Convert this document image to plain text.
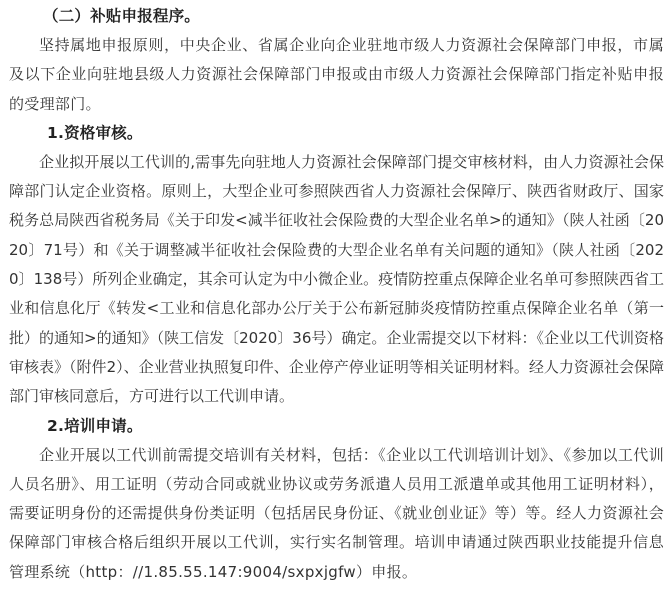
（二）补贴申报程序。

坚持属地申报原则，中央企业、省属企业向企业驻地市级人力资源社会保障部门申报，市属及以下企业向驻地县级人力资源社会保障部门申报或由市级人力资源社会保障部门指定补贴申报的受理部门。

1.资格审核。

企业拟开展以工代训的,需事先向驻地人力资源社会保障部门提交审核材料，由人力资源社会保障部门认定企业资格。原则上，大型企业可参照陕西省人力资源社会保障厅、陕西省财政厅、国家税务总局陕西省税务局《关于印发<减半征收社会保险费的大型企业名单>的通知》（陕人社函〔2020〕71号）和《关于调整减半征收社会保险费的大型企业名单有关问题的通知》（陕人社函〔2020〕138号）所列企业确定，其余可认定为中小微企业。疫情防控重点保障企业名单可参照陕西省工业和信息化厅《转发<工业和信息化部办公厅关于公布新冠肺炎疫情防控重点保障企业名单（第一批）的通知>的通知》（陕工信发〔2020〕36号）确定。企业需提交以下材料：《企业以工代训资格审核表》（附件2）、企业营业执照复印件、企业停产停业证明等相关证明材料。经人力资源社会保障部门审核同意后，方可进行以工代训申请。

2.培训申请。

企业开展以工代训前需提交培训有关材料，包括：《企业以工代训培训计划》、《参加以工代训人员名册》、用工证明（劳动合同或就业协议或劳务派遣人员用工派遣单或其他用工证明材料），需要证明身份的还需提供身份类证明（包括居民身份证、《就业创业证》等）等。经人力资源社会保障部门审核合格后组织开展以工代训，实行实名制管理。培训申请通过陕西职业技能提升信息管理系统（http：//1.85.55.147:9004/sxpxjgfw）申报。
